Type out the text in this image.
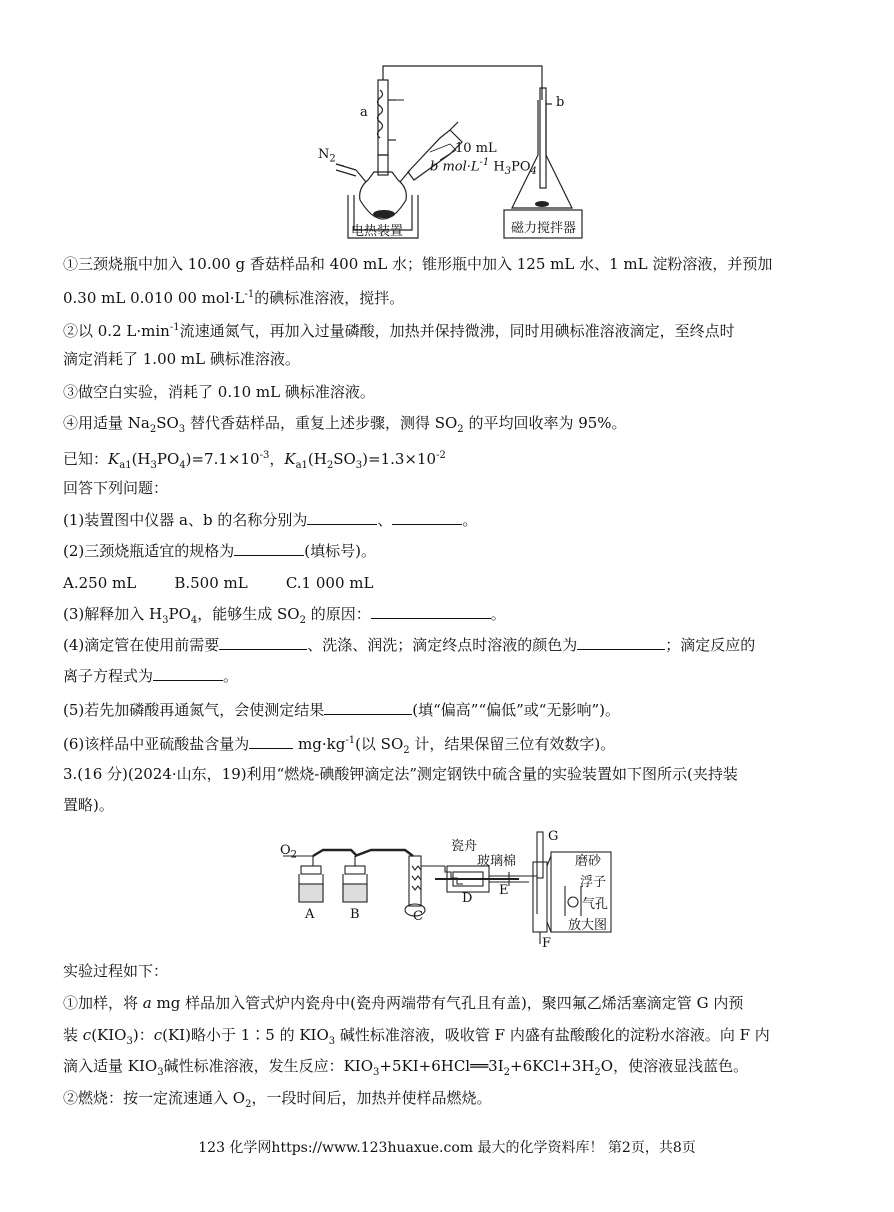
a
b
$N_2$
10 mL
b $mol\cdot L^{-1}$ $H_3PO_4$
电热装置	磁力搅拌器
①三颈烧瓶中加入 10.00 g 香菇样品和 400 mL 水；锥形瓶中加入 125 mL 水、1 mL 淀粉溶液，并预加
0.30 mL 0.010 00 $mol\cdot L^{-1}$的碘标准溶液，搅拌。
②以 0.2 $L\cdot\min^{-1}$流速通氮气，再加入过量磷酸，加热并保持微沸，同时用碘标准溶液滴定，至终点时
滴定消耗了 1.00 mL 碘标准溶液。
③做空白实验，消耗了 0.10 mL 碘标准溶液。
④用适量 $Na_2SO_3$ 替代香菇样品，重复上述步骤，测得 $SO_2$ 的平均回收率为 95%。
已知：$K_{a1}(H_3PO_4)=7.1\times 10^{-3}$，$K_{a1}(H_2SO_3)=1.3\times 10^{-2}$
回答下列问题：
(1)装置图中仪器 a、b 的名称分别为	、	。
(2)三颈烧瓶适宜的规格为	(填标号)。
A.250 mL        B.500 mL        C.1 000 mL
(3)解释加入 $H_3PO_4$，能够生成 $SO_2$ 的原因：	。
(4)滴定管在使用前需要	、洗涤、润洗；滴定终点时溶液的颜色为	；滴定反应的
离子方程式为	。
(5)若先加磷酸再通氮气，会使测定结果	(填“偏高”“偏低”或“无影响”)。
(6)该样品中亚硫酸盐含量为	$mg\cdot kg^{-1}$(以 $SO_2$ 计，结果保留三位有效数字)。
3.(16 分)(2024·山东，19)利用“燃烧-碘酸钾滴定法”测定钢铁中硫含量的实验装置如下图所示(夹持装
置略)。
$O_2$
A	B	C
D
E
F
G
瓷舟
玻璃棉	磨砂
浮子
气孔
放大图
实验过程如下：
①加样，将 a mg 样品加入管式炉内瓷舟中(瓷舟两端带有气孔且有盖)，聚四氟乙烯活塞滴定管 G 内预
装 $c(KIO_3)$：c(KI)略小于 1∶5 的 $KIO_3$ 碱性标准溶液，吸收管 F 内盛有盐酸酸化的淀粉水溶液。向 F 内
滴入适量 $KIO_3$碱性标准溶液，发生反应：$KIO_3+5KI+6HCl══3I_2+6KCl+3H_2O$，使溶液显浅蓝色。
②燃烧：按一定流速通入 $O_2$，一段时间后，加热并使样品燃烧。
123 化学网https://www.123huaxue.com 最大的化学资料库！ 第2页，共8页
